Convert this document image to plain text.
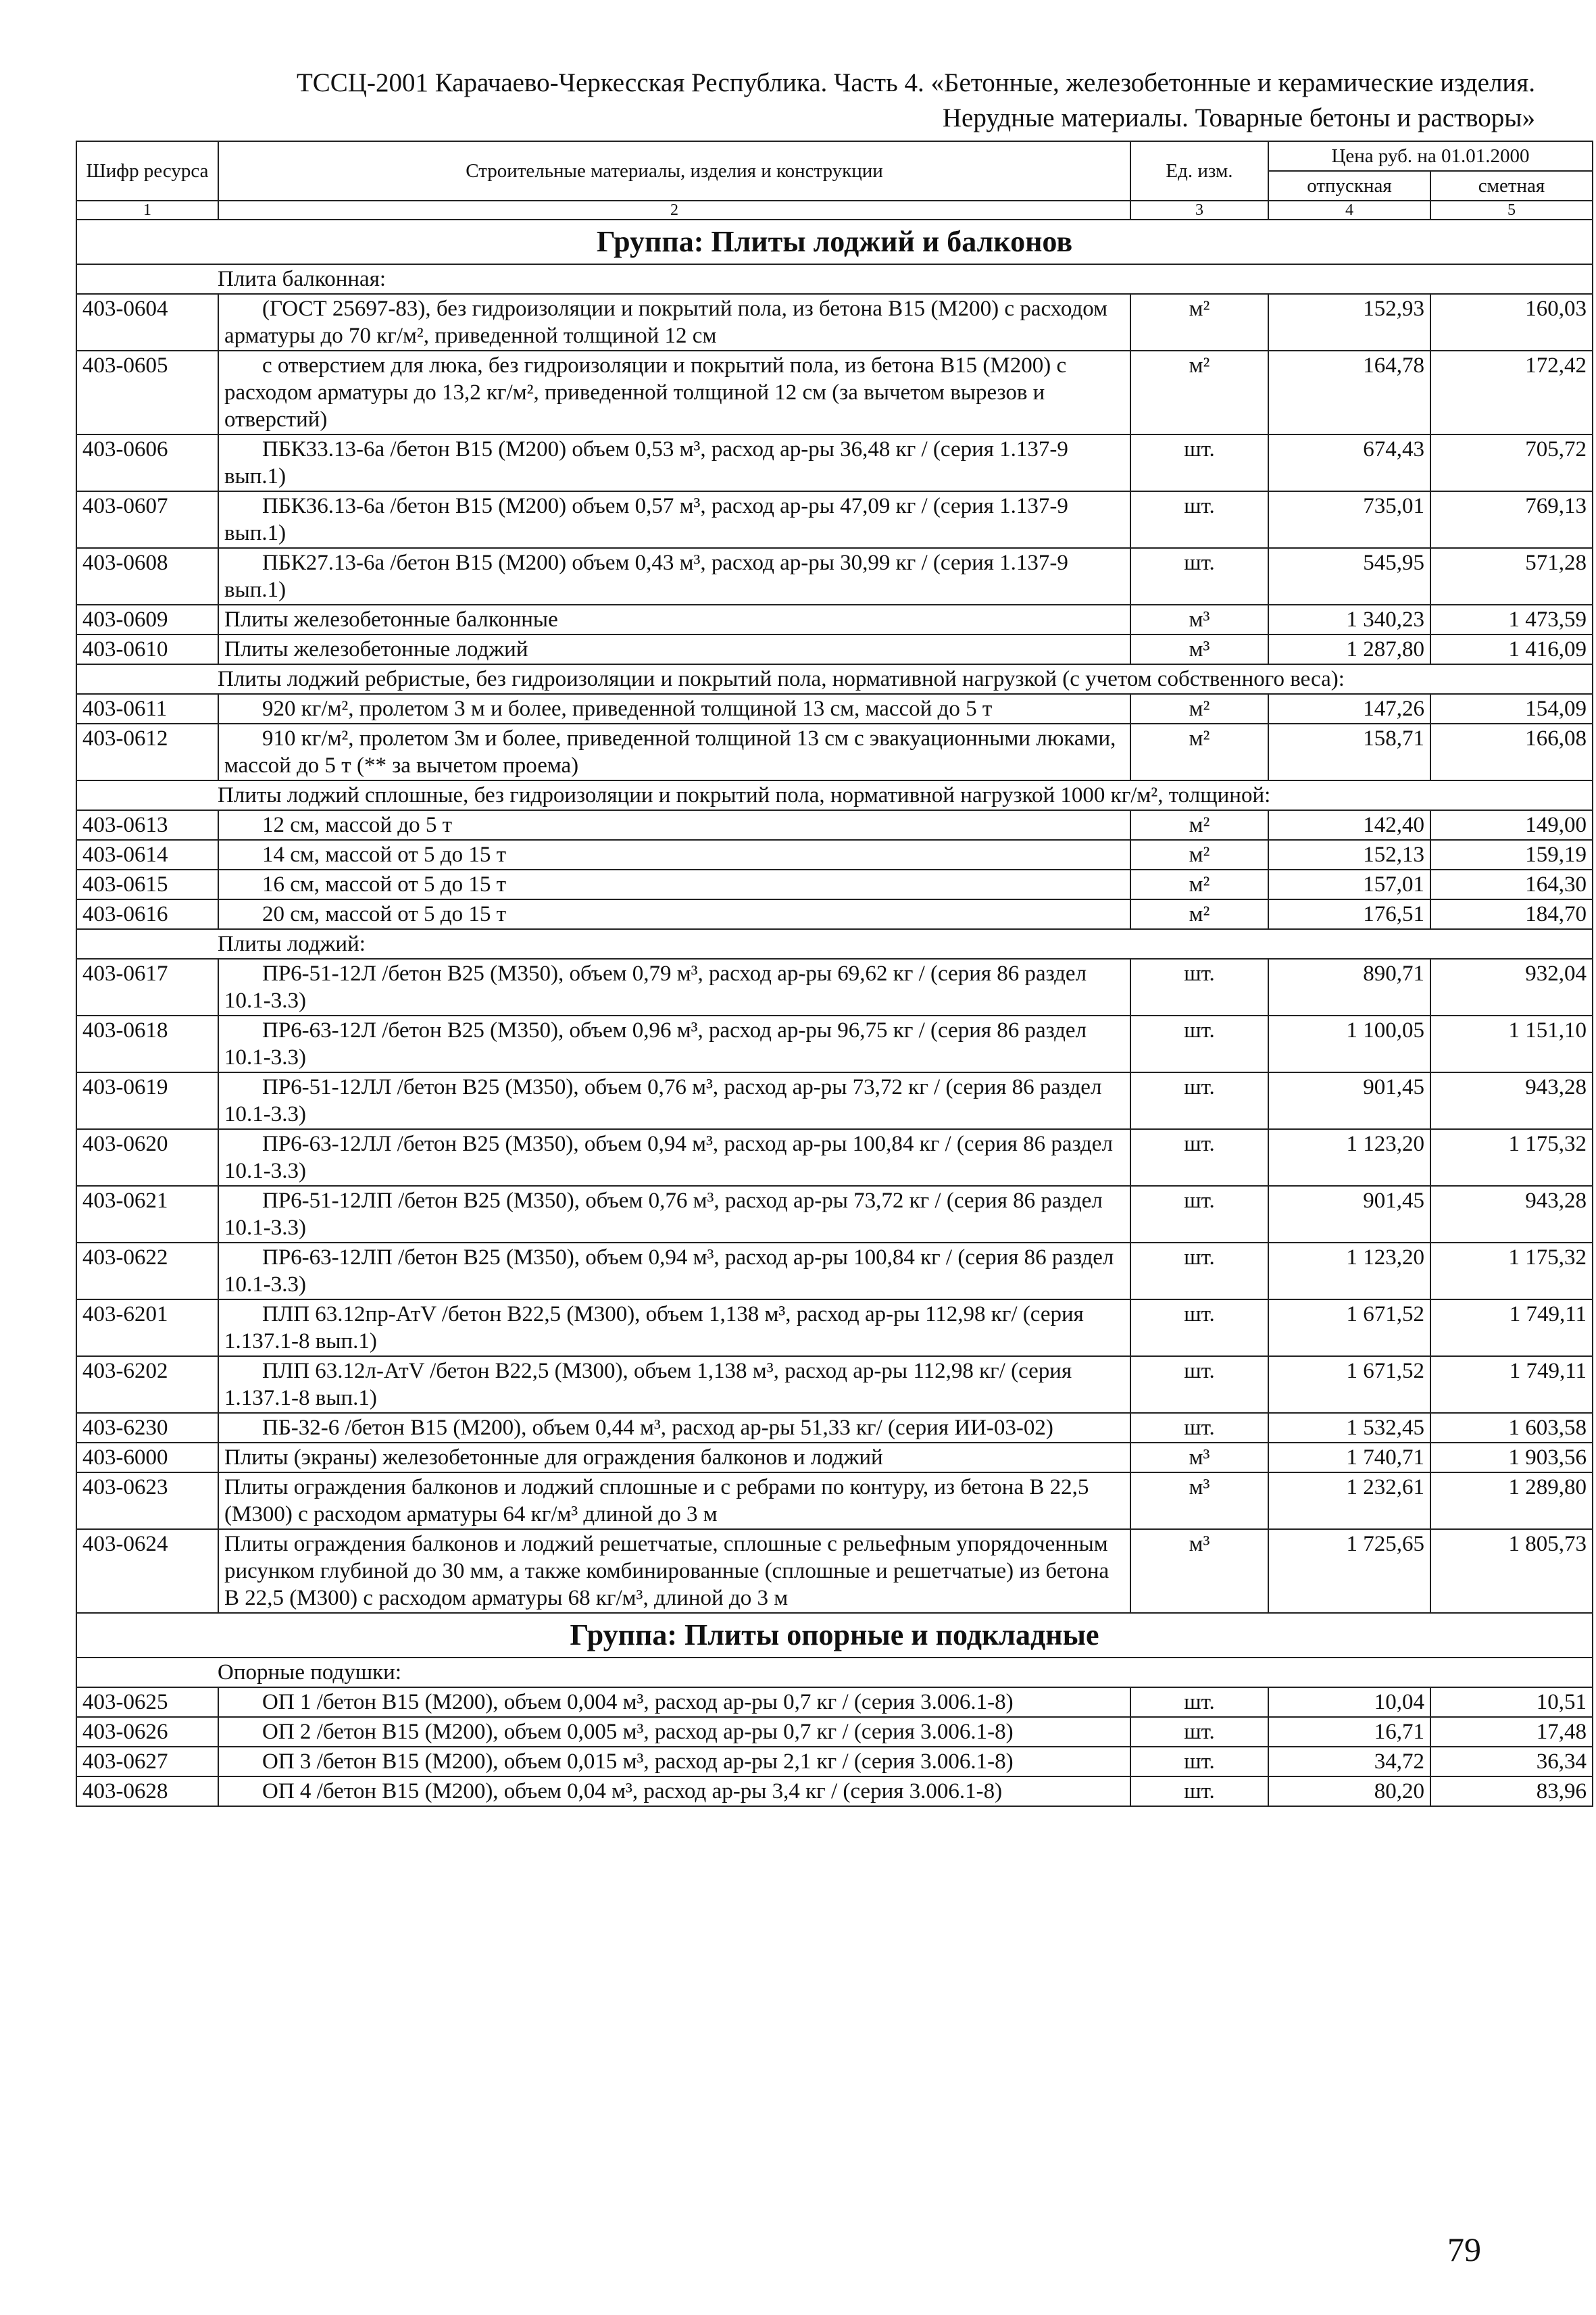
ТССЦ-2001 Карачаево-Черкесская Республика. Часть 4. «Бетонные, железобетонные и керамические изделия.
Нерудные материалы. Товарные бетоны и растворы»
Шифр ресурса	Строительные материалы, изделия и конструкции	Ед. изм.	Цена руб. на 01.01.2000	
			отпускная	сметная
1	2	3	4	5
Группа: Плиты лоджий и балконов				
Плита балконная:				
403-0604	(ГОСТ 25697-83), без гидроизоляции и покрытий пола, из бетона В15 (М200) с расходом арматуры до 70 кг/м², приведенной толщиной 12 см	м²	152,93	160,03
403-0605	с отверстием для люка, без гидроизоляции и покрытий пола, из бетона В15 (М200) с расходом арматуры до 13,2 кг/м², приведенной толщиной 12 см (за вычетом вырезов и отверстий)	м²	164,78	172,42
403-0606	ПБК33.13-6а /бетон В15 (М200) объем 0,53 м³, расход ар-ры 36,48 кг / (серия 1.137-9 вып.1)	шт.	674,43	705,72
403-0607	ПБК36.13-6а /бетон В15 (М200) объем 0,57 м³, расход ар-ры 47,09 кг / (серия 1.137-9 вып.1)	шт.	735,01	769,13
403-0608	ПБК27.13-6а /бетон В15 (М200) объем 0,43 м³, расход ар-ры 30,99 кг / (серия 1.137-9 вып.1)	шт.	545,95	571,28
403-0609	Плиты железобетонные балконные	м³	1 340,23	1 473,59
403-0610	Плиты железобетонные лоджий	м³	1 287,80	1 416,09
Плиты лоджий ребристые, без гидроизоляции и покрытий пола, нормативной нагрузкой (с учетом собственного веса):				
403-0611	920 кг/м², пролетом 3 м и более, приведенной толщиной 13 см, массой до 5 т	м²	147,26	154,09
403-0612	910 кг/м², пролетом 3м и более, приведенной толщиной 13 см с эвакуационными люками, массой до 5 т (** за вычетом проема)	м²	158,71	166,08
Плиты лоджий сплошные, без гидроизоляции и покрытий пола, нормативной нагрузкой 1000 кг/м², толщиной:				
403-0613	12 см, массой до 5 т	м²	142,40	149,00
403-0614	14 см, массой от 5 до 15 т	м²	152,13	159,19
403-0615	16 см, массой от 5 до 15 т	м²	157,01	164,30
403-0616	20 см, массой от 5 до 15 т	м²	176,51	184,70
Плиты лоджий:				
403-0617	ПР6-51-12Л /бетон В25 (М350), объем 0,79 м³, расход ар-ры 69,62 кг / (серия 86 раздел 10.1-3.3)	шт.	890,71	932,04
403-0618	ПР6-63-12Л /бетон В25 (М350), объем 0,96 м³, расход ар-ры 96,75 кг / (серия 86 раздел 10.1-3.3)	шт.	1 100,05	1 151,10
403-0619	ПР6-51-12ЛЛ /бетон В25 (М350), объем 0,76 м³, расход ар-ры 73,72 кг / (серия 86 раздел 10.1-3.3)	шт.	901,45	943,28
403-0620	ПР6-63-12ЛЛ /бетон В25 (М350), объем 0,94 м³, расход ар-ры 100,84 кг / (серия 86 раздел 10.1-3.3)	шт.	1 123,20	1 175,32
403-0621	ПР6-51-12ЛП /бетон В25 (М350), объем 0,76 м³, расход ар-ры 73,72 кг / (серия 86 раздел 10.1-3.3)	шт.	901,45	943,28
403-0622	ПР6-63-12ЛП /бетон В25 (М350), объем 0,94 м³, расход ар-ры 100,84 кг / (серия 86 раздел 10.1-3.3)	шт.	1 123,20	1 175,32
403-6201	ПЛП 63.12пр-АтV /бетон В22,5 (М300), объем 1,138 м³, расход ар-ры 112,98 кг/ (серия 1.137.1-8 вып.1)	шт.	1 671,52	1 749,11
403-6202	ПЛП 63.12л-АтV /бетон В22,5 (М300), объем 1,138 м³, расход ар-ры 112,98 кг/ (серия 1.137.1-8 вып.1)	шт.	1 671,52	1 749,11
403-6230	ПБ-32-6 /бетон В15 (М200), объем 0,44 м³, расход ар-ры 51,33 кг/ (серия ИИ-03-02)	шт.	1 532,45	1 603,58
403-6000	Плиты (экраны) железобетонные для ограждения балконов и лоджий	м³	1 740,71	1 903,56
403-0623	Плиты ограждения балконов и лоджий сплошные и с ребрами по контуру, из бетона В 22,5 (М300) с расходом арматуры 64 кг/м³ длиной до 3 м	м³	1 232,61	1 289,80
403-0624	Плиты ограждения балконов и лоджий решетчатые, сплошные с рельефным упорядоченным рисунком глубиной до 30 мм, а также комбинированные (сплошные и решетчатые) из бетона В 22,5 (М300) с расходом арматуры 68 кг/м³, длиной до 3 м	м³	1 725,65	1 805,73
Группа: Плиты опорные и подкладные				
Опорные подушки:				
403-0625	ОП 1 /бетон В15 (М200), объем 0,004 м³, расход ар-ры 0,7 кг / (серия 3.006.1-8)	шт.	10,04	10,51
403-0626	ОП 2 /бетон В15 (М200), объем 0,005 м³, расход ар-ры 0,7 кг / (серия 3.006.1-8)	шт.	16,71	17,48
403-0627	ОП 3 /бетон В15 (М200), объем 0,015 м³, расход ар-ры 2,1 кг / (серия 3.006.1-8)	шт.	34,72	36,34
403-0628	ОП 4 /бетон В15 (М200), объем 0,04 м³, расход ар-ры 3,4 кг / (серия 3.006.1-8)	шт.	80,20	83,96
79
